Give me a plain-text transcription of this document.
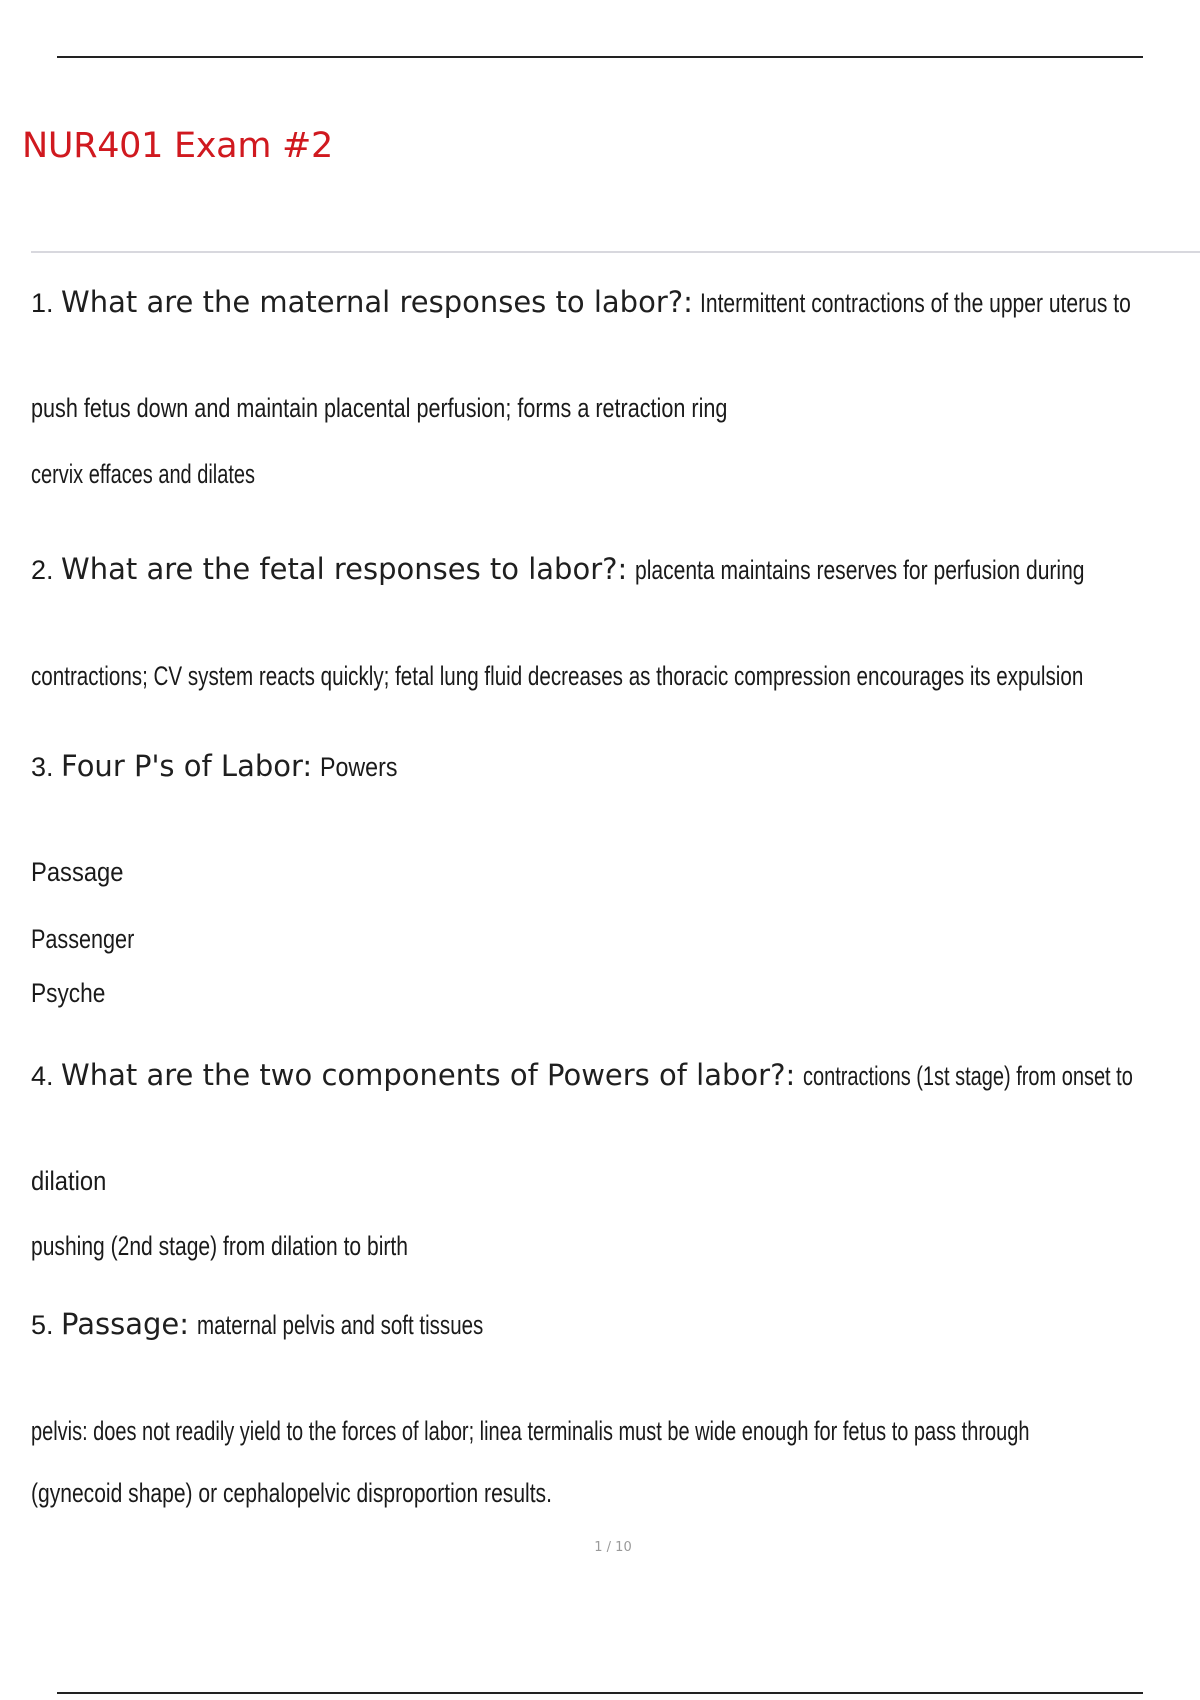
NUR401 Exam #2
1. What are the maternal responses to labor?: Intermittent contractions of the upper uterus to
push fetus down and maintain placental perfusion; forms a retraction ring
cervix effaces and dilates
2. What are the fetal responses to labor?: placenta maintains reserves for perfusion during
contractions; CV system reacts quickly; fetal lung fluid decreases as thoracic compression encourages its expulsion
3. Four P's of Labor: Powers
Passage
Passenger
Psyche
4. What are the two components of Powers of labor?: contractions (1st stage) from onset to
dilation
pushing (2nd stage) from dilation to birth
5. Passage: maternal pelvis and soft tissues
pelvis: does not readily yield to the forces of labor; linea terminalis must be wide enough for fetus to pass through
(gynecoid shape) or cephalopelvic disproportion results.
1 / 10
